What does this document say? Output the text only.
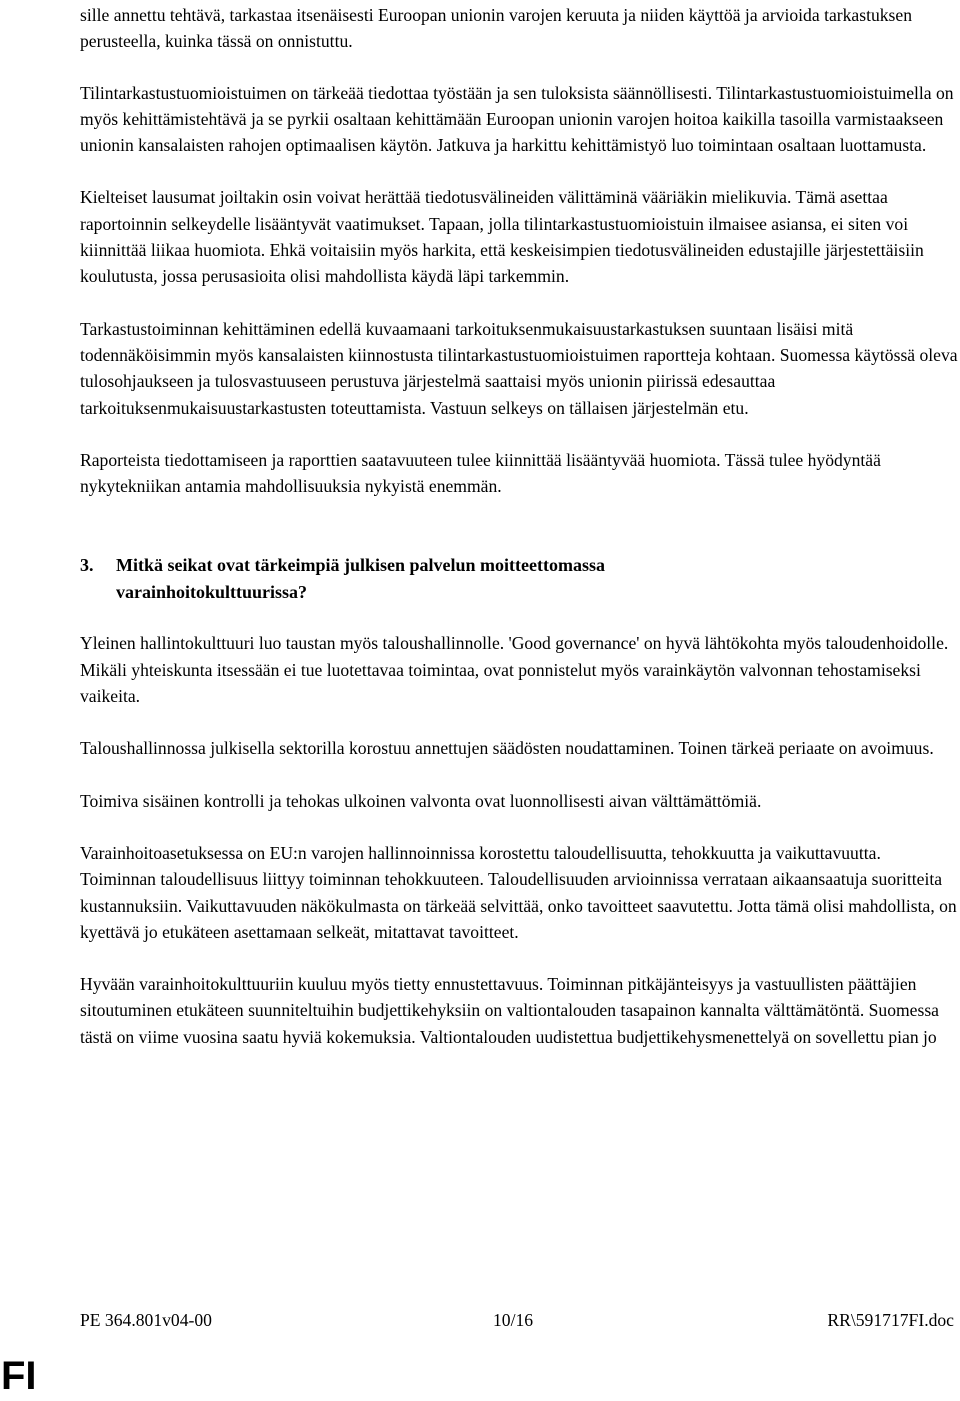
sille annettu tehtävä, tarkastaa itsenäisesti Euroopan unionin varojen keruuta ja niiden käyttöä ja arvioida tarkastuksen perusteella, kuinka tässä on onnistuttu.

Tilintarkastustuomioistuimen on tärkeää tiedottaa työstään ja sen tuloksista säännöllisesti. Tilintarkastustuomioistuimella on myös kehittämistehtävä ja se pyrkii osaltaan kehittämään Euroopan unionin varojen hoitoa kaikilla tasoilla varmistaakseen unionin kansalaisten rahojen optimaalisen käytön. Jatkuva ja harkittu kehittämistyö luo toimintaan osaltaan luottamusta.

Kielteiset lausumat joiltakin osin voivat herättää tiedotusvälineiden välittäminä vääriäkin mielikuvia. Tämä asettaa raportoinnin selkeydelle lisääntyvät vaatimukset. Tapaan, jolla tilintarkastustuomioistuin ilmaisee asiansa, ei siten voi kiinnittää liikaa huomiota. Ehkä voitaisiin myös harkita, että keskeisimpien tiedotusvälineiden edustajille järjestettäisiin koulutusta, jossa perusasioita olisi mahdollista käydä läpi tarkemmin.

Tarkastustoiminnan kehittäminen edellä kuvaamaani tarkoituksenmukaisuustarkastuksen suuntaan lisäisi mitä todennäköisimmin myös kansalaisten kiinnostusta tilintarkastustuomioistuimen raportteja kohtaan. Suomessa käytössä oleva tulosohjaukseen ja tulosvastuuseen perustuva järjestelmä saattaisi myös unionin piirissä edesauttaa tarkoituksenmukaisuustarkastusten toteuttamista. Vastuun selkeys on tällaisen järjestelmän etu.

Raporteista tiedottamiseen ja raporttien saatavuuteen tulee kiinnittää lisääntyvää huomiota. Tässä tulee hyödyntää nykytekniikan antamia mahdollisuuksia nykyistä enemmän.

3.	Mitkä seikat ovat tärkeimpiä julkisen palvelun moitteettomassa varainhoitokulttuurissa?

Yleinen hallintokulttuuri luo taustan myös taloushallinnolle. 'Good governance' on hyvä lähtökohta myös taloudenhoidolle. Mikäli yhteiskunta itsessään ei tue luotettavaa toimintaa, ovat ponnistelut myös varainkäytön valvonnan tehostamiseksi vaikeita.

Taloushallinnossa julkisella sektorilla korostuu annettujen säädösten noudattaminen. Toinen tärkeä periaate on avoimuus.

Toimiva sisäinen kontrolli ja tehokas ulkoinen valvonta ovat luonnollisesti aivan välttämättömiä.

Varainhoitoasetuksessa on EU:n varojen hallinnoinnissa korostettu taloudellisuutta, tehokkuutta ja vaikuttavuutta. Toiminnan taloudellisuus liittyy toiminnan tehokkuuteen. Taloudellisuuden arvioinnissa verrataan aikaansaatuja suoritteita kustannuksiin. Vaikuttavuuden näkökulmasta on tärkeää selvittää, onko tavoitteet saavutettu. Jotta tämä olisi mahdollista, on kyettävä jo etukäteen asettamaan selkeät, mitattavat tavoitteet.

Hyvään varainhoitokulttuuriin kuuluu myös tietty ennustettavuus. Toiminnan pitkäjänteisyys ja vastuullisten päättäjien sitoutuminen etukäteen suunniteltuihin budjettikehyksiin on valtiontalouden tasapainon kannalta välttämätöntä. Suomessa tästä on viime vuosina saatu hyviä kokemuksia. Valtiontalouden uudistettua budjettikehysmenettelyä on sovellettu pian jo

PE 364.801v04-00	10/16	RR\591717FI.doc
FI
